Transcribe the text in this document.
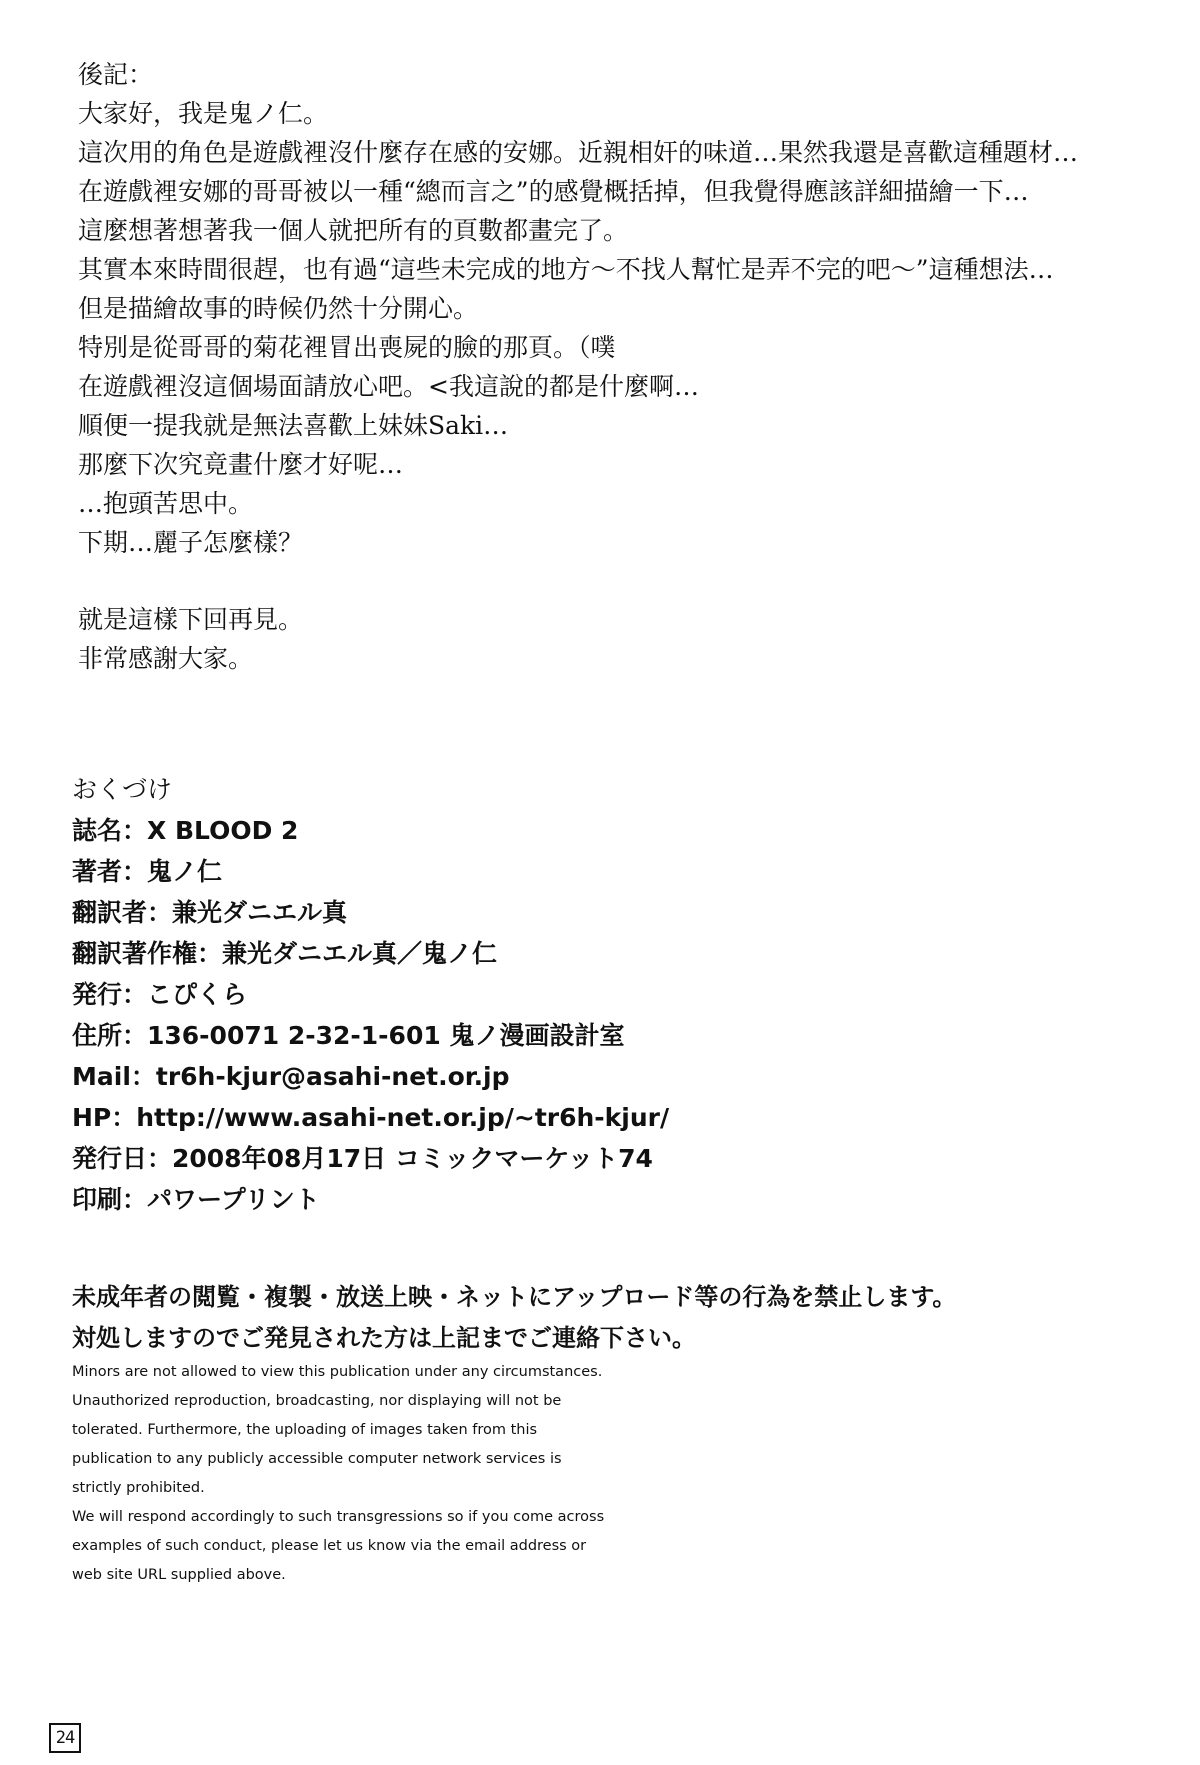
後記：
大家好，我是鬼ノ仁。
這次用的角色是遊戲裡沒什麼存在感的安娜。近親相奸的味道…果然我還是喜歡這種題材…
在遊戲裡安娜的哥哥被以一種“總而言之”的感覺概括掉，但我覺得應該詳細描繪一下…
這麼想著想著我一個人就把所有的頁數都畫完了。
其實本來時間很趕，也有過“這些未完成的地方～不找人幫忙是弄不完的吧～”這種想法…
但是描繪故事的時候仍然十分開心。
特別是從哥哥的菊花裡冒出喪屍的臉的那頁。（噗
在遊戲裡沒這個場面請放心吧。<我這說的都是什麼啊…
順便一提我就是無法喜歡上妹妹Saki…
那麼下次究竟畫什麼才好呢…
…抱頭苦思中。
下期…麗子怎麼樣？
就是這樣下回再見。
非常感謝大家。
おくづけ
誌名：X BLOOD 2
著者：鬼ノ仁
翻訳者：兼光ダニエル真
翻訳著作権：兼光ダニエル真／鬼ノ仁
発行：こぴくら
住所：136-0071 2-32-1-601 鬼ノ漫画設計室
Mail：tr6h-kjur@asahi-net.or.jp
HP：http://www.asahi-net.or.jp/~tr6h-kjur/
発行日：2008年08月17日 コミックマーケット74
印刷：パワープリント
未成年者の閲覧・複製・放送上映・ネットにアップロード等の行為を禁止します。
対処しますのでご発見された方は上記までご連絡下さい。
Minors are not allowed to view this publication under any circumstances.
Unauthorized reproduction, broadcasting, nor displaying will not be
tolerated. Furthermore, the uploading of images taken from this
publication to any publicly accessible computer network services is
strictly prohibited.
We will respond accordingly to such transgressions so if you come across
examples of such conduct, please let us know via the email address or
web site URL supplied above.
24
